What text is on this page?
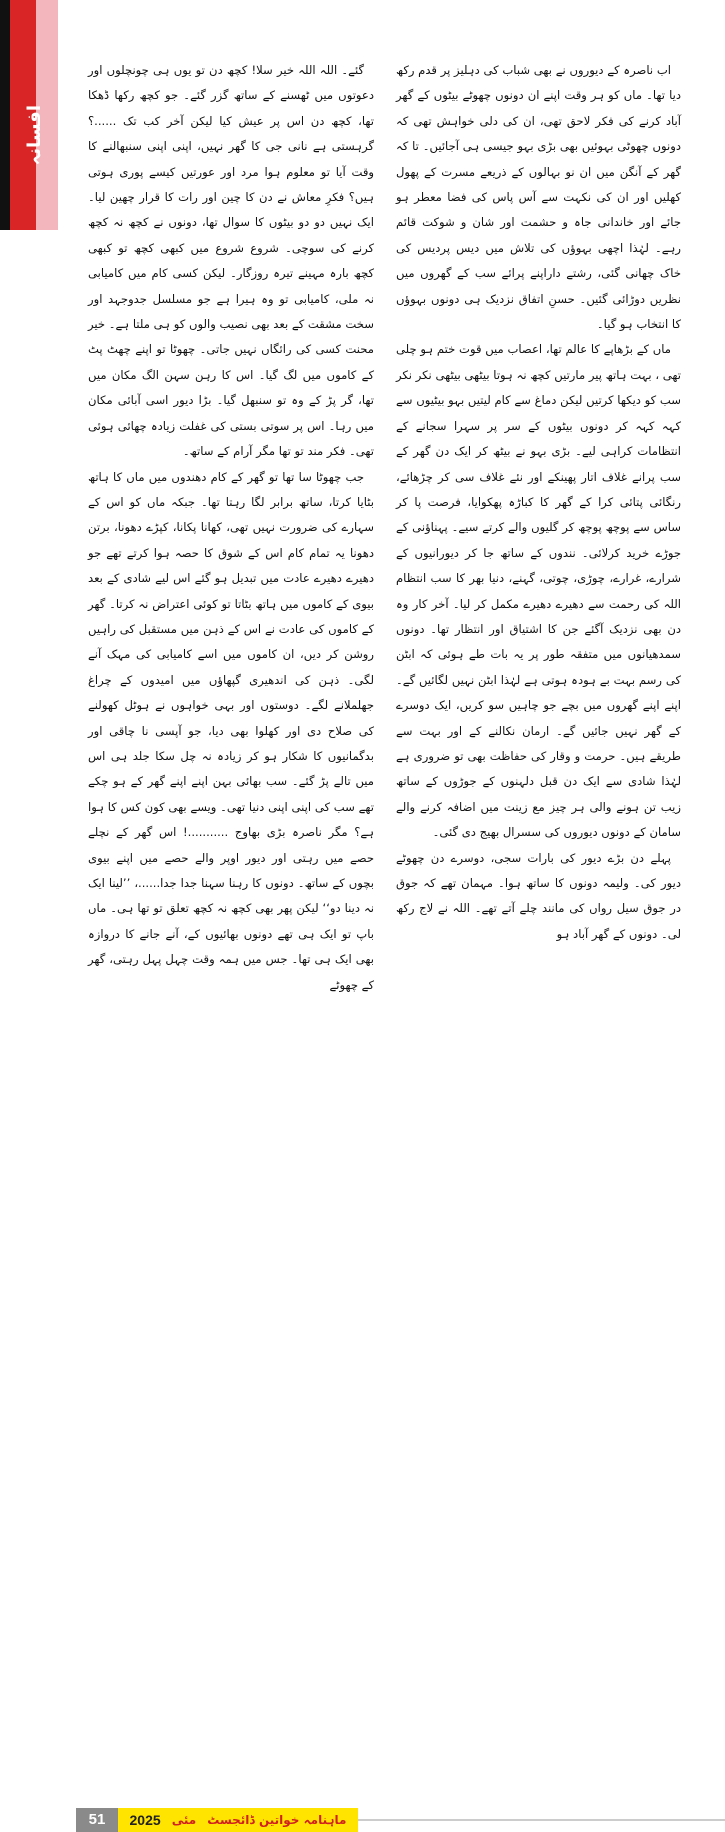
افسانہ

اب ناصرہ کے دیوروں نے بھی شباب کی دہلیز پر قدم رکھ دیا تھا۔ ماں کو ہر وقت اپنے ان دونوں چھوٹے بیٹوں کے گھر آباد کرنے کی فکر لاحق تھی، ان کی دلی خواہش تھی کہ دونوں چھوٹی بہوئیں بھی بڑی بہو جیسی ہی آجائیں۔ تا کہ گھر کے آنگن میں ان نو بہالوں کے ذریعے مسرت کے پھول کھلیں اور ان کی نکہت سے آس پاس کی فضا معطر ہو جائے اور خاندانی جاہ و حشمت اور شان و شوکت قائم رہے۔ لہٰذا اچھی بہوؤں کی تلاش میں دیس پردیس کی خاک چھانی گئی، رشتے داراپنے پرائے سب کے گھروں میں نظریں دوڑائی گئیں۔ حسنِ اتفاق نزدیک ہی دونوں بہوؤں کا انتخاب ہو گیا۔

ماں کے بڑھاپے کا عالم تھا، اعصاب میں قوت ختم ہو چلی تھی ، بہت ہاتھ پیر مارتیں کچھ نہ ہوتا بیٹھی بیٹھی نکر نکر سب کو دیکھا کرتیں لیکن دماغ سے کام لیتیں بہو بیٹیوں سے کہہ کہہ کر دونوں بیٹوں کے سر پر سہرا سجانے کے انتظامات کراہی لیے۔ بڑی بہو نے بیٹھ کر ایک دن گھر کے سب پرانے غلاف اتار پھینکے اور نئے غلاف سی کر چڑھائے، رنگائی پتائی کرا کے گھر کا کباڑہ پھکوایا، فرصت پا کر ساس سے پوچھ پوچھ کر گلیوں والے کرتے سیے۔ پہناؤنی کے جوڑے خرید کرلائی۔ نندوں کے ساتھ جا کر دیورانیوں کے شرارے، غرارے، چوڑی، چوتی، گہنے، دنیا بھر کا سب انتظام اللہ کی رحمت سے دھیرے دھیرے مکمل کر لیا۔ آخر کار وہ دن بھی نزدیک آگئے جن کا اشتیاق اور انتظار تھا۔ دونوں سمدھیانوں میں متفقہ طور پر یہ بات طے ہوئی کہ ابٹن کی رسم بہت بے ہودہ ہوتی ہے لہٰذا ابٹن نہیں لگائیں گے۔ اپنے اپنے گھروں میں بچے جو چاہیں سو کریں، ایک دوسرے کے گھر نہیں جائیں گے۔ ارمان نکالنے کے اور بہت سے طریقے ہیں۔ حرمت و وقار کی حفاظت بھی تو ضروری ہے لہٰذا شادی سے ایک دن قبل دلہنوں کے جوڑوں کے ساتھ زیب تن ہونے والی ہر چیز مع زینت میں اضافہ کرنے والے سامان کے دونوں دیوروں کی سسرال بھیج دی گئی۔

پہلے دن بڑے دیور کی بارات سجی، دوسرے دن چھوٹے دیور کی۔ ولیمہ دونوں کا ساتھ ہوا۔ مہمان تھے کہ جوق در جوق سیل رواں کی مانند چلے آتے تھے۔ اللہ نے لاج رکھ لی۔ دونوں کے گھر آباد ہو

گئے۔ اللہ اللہ خیر سلا! کچھ دن تو یوں ہی چونچلوں اور دعوتوں میں ٹھسنے کے ساتھ گزر گئے۔ جو کچھ رکھا ڈھکا تھا، کچھ دن اس پر عیش کیا لیکن آخر کب تک ......؟ گرہستی ہے نانی جی کا گھر نہیں، اپنی اپنی سنبھالنے کا وقت آیا تو معلوم ہوا مرد اور عورتیں کیسے پوری ہوتی ہیں؟ فکرِ معاش نے دن کا چین اور رات کا قرار چھین لیا۔ ایک نہیں دو دو بیٹوں کا سوال تھا، دونوں نے کچھ نہ کچھ کرنے کی سوچی۔ شروع شروع میں کبھی کچھ تو کبھی کچھ بارہ مہینے تیرہ روزگار۔ لیکن کسی کام میں کامیابی نہ ملی، کامیابی تو وہ ہیرا ہے جو مسلسل جدوجہد اور سخت مشقت کے بعد بھی نصیب والوں کو ہی ملتا ہے۔ خیر محنت کسی کی رائگاں نہیں جاتی۔ چھوٹا تو اپنے چھٹ پٹ کے کاموں میں لگ گیا۔ اس کا رہن سہن الگ مکان میں تھا، گر پڑ کے وہ تو سنبھل گیا۔ بڑا دیور اسی آبائی مکان میں رہا۔ اس پر سوتی بستی کی غفلت زیادہ چھائی ہوئی تھی۔ فکر مند تو تھا مگر آرام کے ساتھ۔

جب چھوٹا سا تھا تو گھر کے کام دھندوں میں ماں کا ہاتھ بٹایا کرتا، ساتھ برابر لگا رہتا تھا۔ جبکہ ماں کو اس کے سہارے کی ضرورت نہیں تھی، کھانا پکانا، کپڑے دھونا، برتن دھونا یہ تمام کام اس کے شوق کا حصہ ہوا کرتے تھے جو دھیرے دھیرے عادت میں تبدیل ہو گئے اس لیے شادی کے بعد بیوی کے کاموں میں ہاتھ بٹاتا تو کوئی اعتراض نہ کرتا۔ گھر کے کاموں کی عادت نے اس کے ذہن میں مستقبل کی راہیں روشن کر دیں، ان کاموں میں اسے کامیابی کی مہک آنے لگی۔ ذہن کی اندھیری گپھاؤں میں امیدوں کے چراغ جھلملانے لگے۔ دوستوں اور بہی خواہوں نے ہوٹل کھولنے کی صلاح دی اور کھلوا بھی دیا، جو آپسی نا چاقی اور بدگمانیوں کا شکار ہو کر زیادہ نہ چل سکا جلد ہی اس میں تالے پڑ گئے۔ سب بھائی بہن اپنے اپنے گھر کے ہو چکے تھے سب کی اپنی اپنی دنیا تھی۔ ویسے بھی کون کس کا ہوا ہے؟ مگر ناصرہ بڑی بھاوج ...........! اس گھر کے نچلے حصے میں رہتی اور دیور اوپر والے حصے میں اپنے بیوی بچوں کے ساتھ۔ دونوں کا رہنا سہنا جدا جدا......، ’’لینا ایک نہ دینا دو‘‘ لیکن پھر بھی کچھ نہ کچھ تعلق تو تھا ہی۔ ماں باپ تو ایک ہی تھے دونوں بھائیوں کے، آنے جانے کا دروازہ بھی ایک ہی تھا۔ جس میں ہمہ وقت چہل پہل رہتی، گھر کے چھوٹے

51	2025 مئی ماہنامہ خواتین ڈائجسٹ
